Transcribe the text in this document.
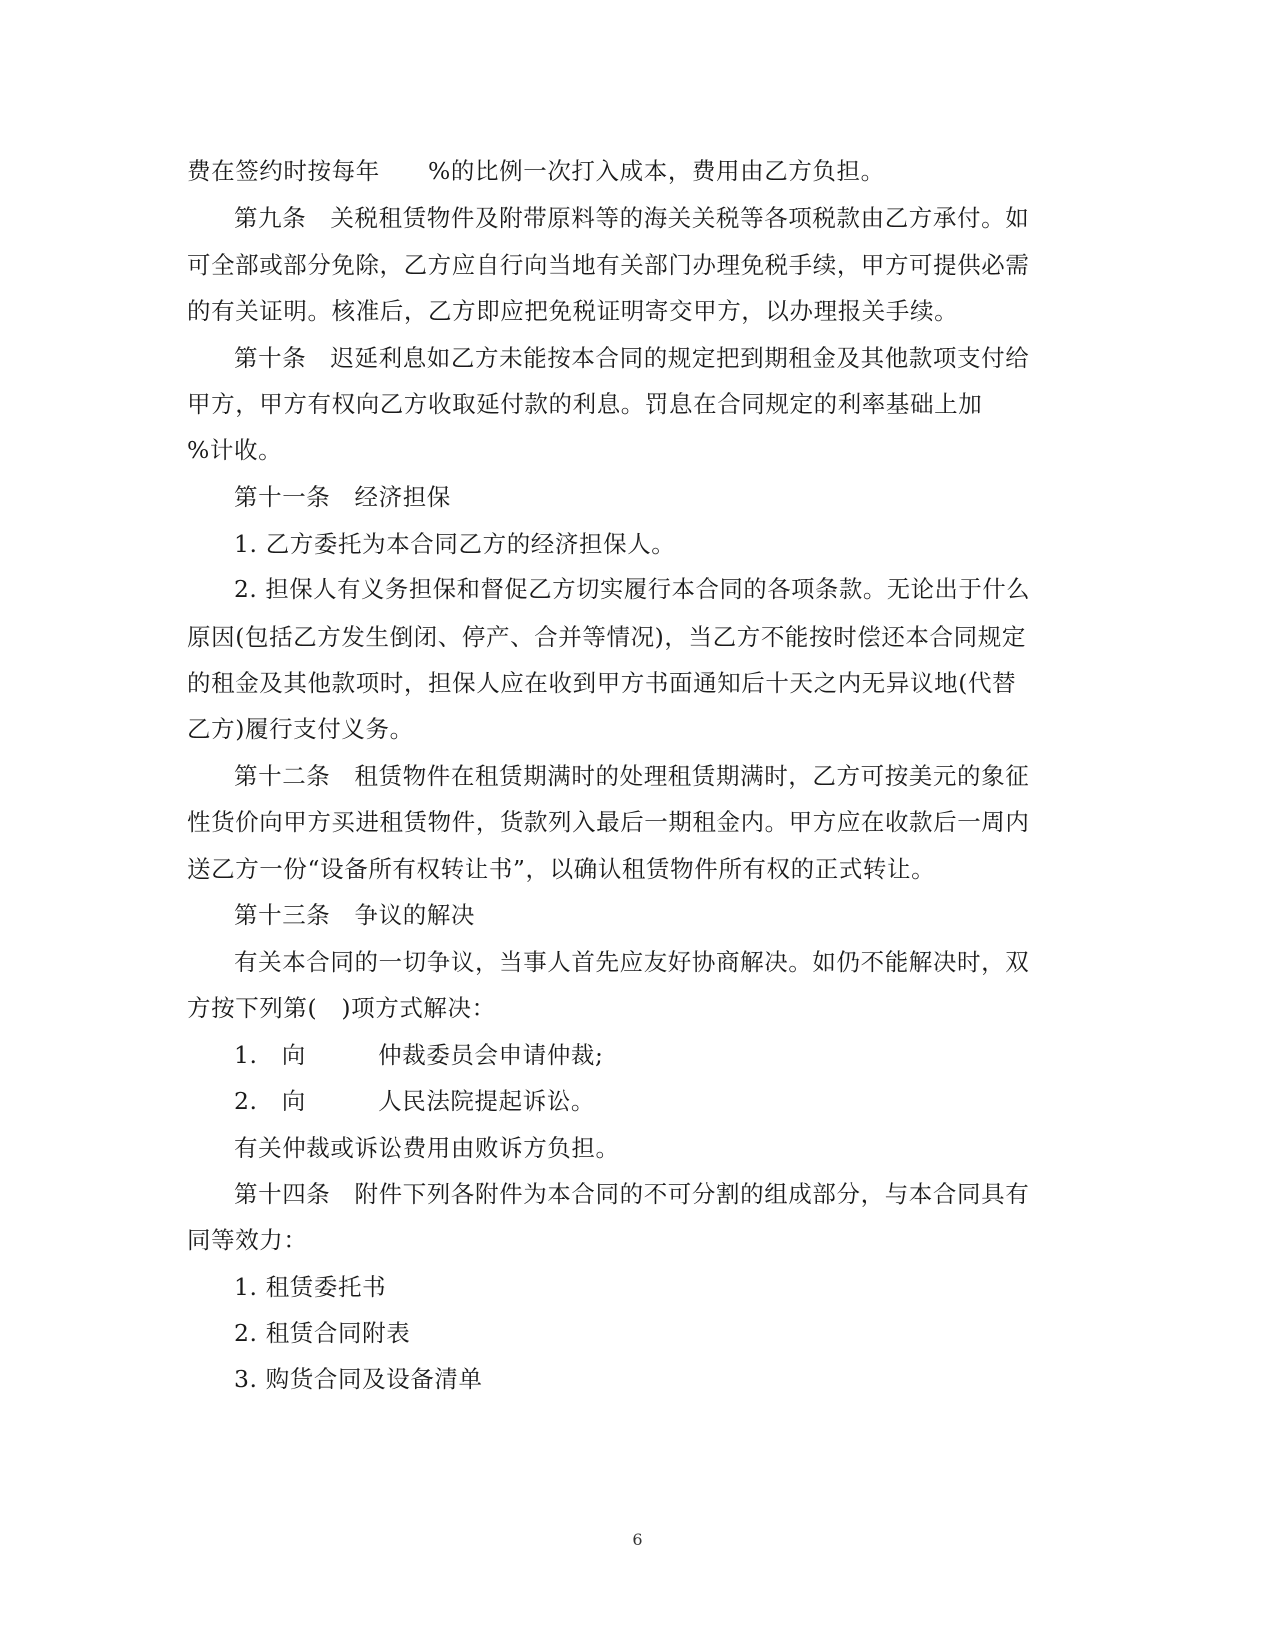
费在签约时按每年　　%的比例一次打入成本，费用由乙方负担。
第九条　关税租赁物件及附带原料等的海关关税等各项税款由乙方承付。如
可全部或部分免除，乙方应自行向当地有关部门办理免税手续，甲方可提供必需
的有关证明。核准后，乙方即应把免税证明寄交甲方，以办理报关手续。
第十条　迟延利息如乙方未能按本合同的规定把到期租金及其他款项支付给
甲方，甲方有权向乙方收取延付款的利息。罚息在合同规定的利率基础上加
%计收。
第十一条　经济担保
1. 乙方委托为本合同乙方的经济担保人。
2. 担保人有义务担保和督促乙方切实履行本合同的各项条款。无论出于什么
原因(包括乙方发生倒闭、停产、合并等情况)，当乙方不能按时偿还本合同规定
的租金及其他款项时，担保人应在收到甲方书面通知后十天之内无异议地(代替
乙方)履行支付义务。
第十二条　租赁物件在租赁期满时的处理租赁期满时，乙方可按美元的象征
性货价向甲方买进租赁物件，货款列入最后一期租金内。甲方应在收款后一周内
送乙方一份“设备所有权转让书”，以确认租赁物件所有权的正式转让。
第十三条　争议的解决
有关本合同的一切争议，当事人首先应友好协商解决。如仍不能解决时，双
方按下列第(　)项方式解决：
1.　向　　　仲裁委员会申请仲裁;
2.　向　　　人民法院提起诉讼。
有关仲裁或诉讼费用由败诉方负担。
第十四条　附件下列各附件为本合同的不可分割的组成部分，与本合同具有
同等效力：
1. 租赁委托书
2. 租赁合同附表
3. 购货合同及设备清单
6
